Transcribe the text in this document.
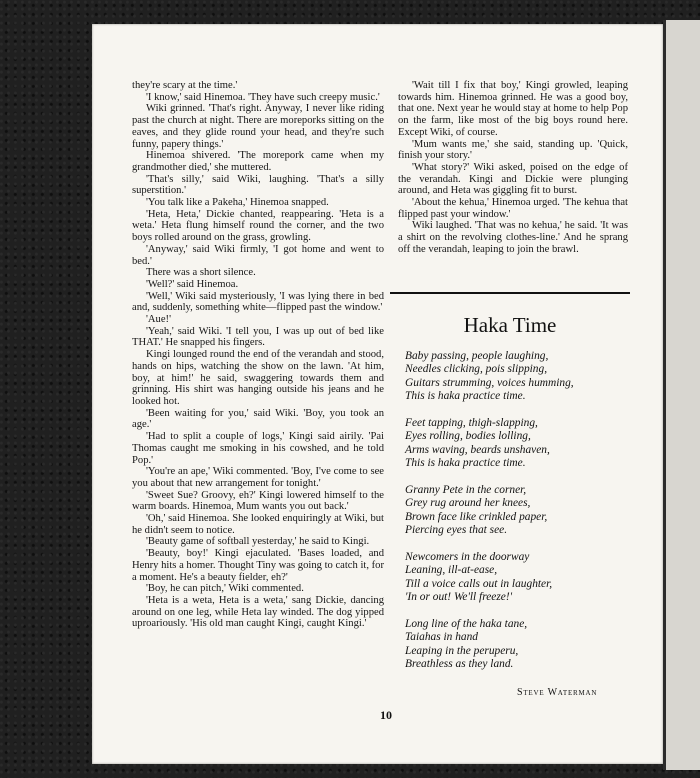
they're scary at the time.'

'I know,' said Hinemoa. 'They have such creepy music.'

Wiki grinned. 'That's right. Anyway, I never like riding past the church at night. There are moreporks sitting on the eaves, and they glide round your head, and they're such funny, papery things.'

Hinemoa shivered. 'The morepork came when my grandmother died,' she muttered.

'That's silly,' said Wiki, laughing. 'That's a silly superstition.'

'You talk like a Pakeha,' Hinemoa snapped.

'Heta, Heta,' Dickie chanted, reappearing. 'Heta is a weta.' Heta flung himself round the corner, and the two boys rolled around on the grass, growling.

'Anyway,' said Wiki firmly, 'I got home and went to bed.'

There was a short silence.

'Well?' said Hinemoa.

'Well,' Wiki said mysteriously, 'I was lying there in bed and, suddenly, something white—flipped past the window.'

'Aue!'

'Yeah,' said Wiki. 'I tell you, I was up out of bed like THAT.' He snapped his fingers.

Kingi lounged round the end of the verandah and stood, hands on hips, watching the show on the lawn. 'At him, boy, at him!' he said, swaggering towards them and grinning. His shirt was hanging outside his jeans and he looked hot.

'Been waiting for you,' said Wiki. 'Boy, you took an age.'

'Had to split a couple of logs,' Kingi said airily. 'Pai Thomas caught me smoking in his cowshed, and he told Pop.'

'You're an ape,' Wiki commented. 'Boy, I've come to see you about that new arrangement for tonight.'

'Sweet Sue? Groovy, eh?' Kingi lowered himself to the warm boards. Hinemoa, Mum wants you out back.'

'Oh,' said Hinemoa. She looked enquiringly at Wiki, but he didn't seem to notice.

'Beauty game of softball yesterday,' he said to Kingi.

'Beauty, boy!' Kingi ejaculated. 'Bases loaded, and Henry hits a homer. Thought Tiny was going to catch it, for a moment. He's a beauty fielder, eh?'

'Boy, he can pitch,' Wiki commented.

'Heta is a weta, Heta is a weta,' sang Dickie, dancing around on one leg, while Heta lay winded. The dog yipped uproariously. 'His old man caught Kingi, caught Kingi.'

'Wait till I fix that boy,' Kingi growled, leaping towards him. Hinemoa grinned. He was a good boy, that one. Next year he would stay at home to help Pop on the farm, like most of the big boys round here. Except Wiki, of course.

'Mum wants me,' she said, standing up. 'Quick, finish your story.'

'What story?' Wiki asked, poised on the edge of the verandah. Kingi and Dickie were plunging around, and Heta was giggling fit to burst.

'About the kehua,' Hinemoa urged. 'The kehua that flipped past your window.'

Wiki laughed. 'That was no kehua,' he said. 'It was a shirt on the revolving clothes-line.' And he sprang off the verandah, leaping to join the brawl.

Haka Time
Baby passing, people laughing,
Needles clicking, pois slipping,
Guitars strumming, voices humming,
This is haka practice time.
Feet tapping, thigh-slapping,
Eyes rolling, bodies lolling,
Arms waving, beards unshaven,
This is haka practice time.
Granny Pete in the corner,
Grey rug around her knees,
Brown face like crinkled paper,
Piercing eyes that see.
Newcomers in the doorway
Leaning, ill-at-ease,
Till a voice calls out in laughter,
'In or out! We'll freeze!'
Long line of the haka tane,
Taiahas in hand
Leaping in the peruperu,
Breathless as they land.
Steve Waterman
10
